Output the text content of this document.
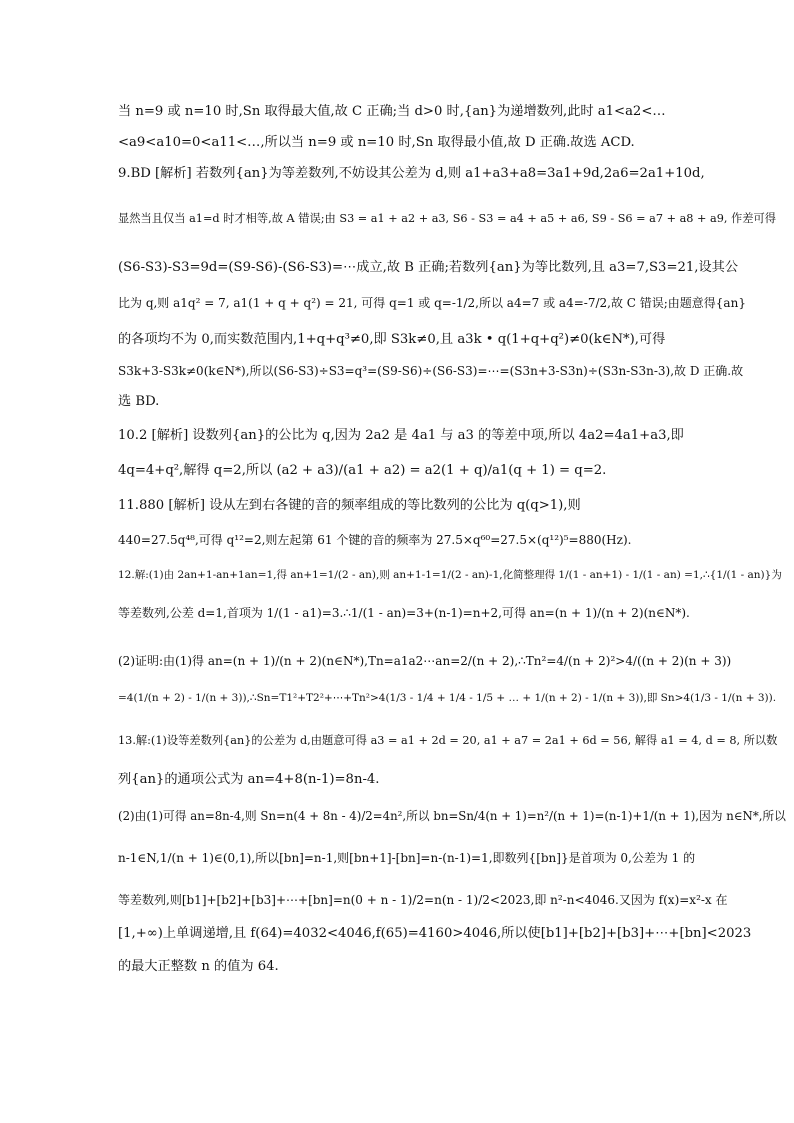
当 n=9 或 n=10 时,Sn 取得最大值,故 C 正确;当 d>0 时,{an}为递增数列,此时 a1<a2<…
<a9<a10=0<a11<…,所以当 n=9 或 n=10 时,Sn 取得最小值,故 D 正确.故选 ACD.
9.BD [解析] 若数列{an}为等差数列,不妨设其公差为 d,则 a1+a3+a8=3a1+9d,2a6=2a1+10d,
显然当且仅当 a1=d 时才相等,故 A 错误;由 S3 = a1 + a2 + a3, S6 - S3 = a4 + a5 + a6, S9 - S6 = a7 + a8 + a9, 作差可得
(S6-S3)-S3=9d=(S9-S6)-(S6-S3)=⋯成立,故 B 正确;若数列{an}为等比数列,且 a3=7,S3=21,设其公
比为 q,则 a1q² = 7, a1(1 + q + q²) = 21, 可得 q=1 或 q=-1/2,所以 a4=7 或 a4=-7/2,故 C 错误;由题意得{an}
的各项均不为 0,而实数范围内,1+q+q³≠0,即 S3k≠0,且 a3k • q(1+q+q²)≠0(k∈N*),可得
S3k+3-S3k≠0(k∈N*),所以(S6-S3)÷S3=q³=(S9-S6)÷(S6-S3)=⋯=(S3n+3-S3n)÷(S3n-S3n-3),故 D 正确.故
选 BD.
10.2 [解析] 设数列{an}的公比为 q,因为 2a2 是 4a1 与 a3 的等差中项,所以 4a2=4a1+a3,即
4q=4+q²,解得 q=2,所以 (a2 + a3)/(a1 + a2) = a2(1 + q)/a1(q + 1) = q=2.
11.880 [解析] 设从左到右各键的音的频率组成的等比数列的公比为 q(q>1),则
440=27.5q⁴⁸,可得 q¹²=2,则左起第 61 个键的音的频率为 27.5×q⁶⁰=27.5×(q¹²)⁵=880(Hz).
12.解:(1)由 2an+1-an+1an=1,得 an+1=1/(2 - an),则 an+1-1=1/(2 - an)-1,化简整理得 1/(1 - an+1) - 1/(1 - an) =1,∴{1/(1 - an)}为
等差数列,公差 d=1,首项为 1/(1 - a1)=3.∴1/(1 - an)=3+(n-1)=n+2,可得 an=(n + 1)/(n + 2)(n∈N*).
(2)证明:由(1)得 an=(n + 1)/(n + 2)(n∈N*),Tn=a1a2⋯an=2/(n + 2),∴Tn²=4/(n + 2)²>4/((n + 2)(n + 3))
=4(1/(n + 2) - 1/(n + 3)),∴Sn=T1²+T2²+⋯+Tn²>4(1/3 - 1/4 + 1/4 - 1/5 + … + 1/(n + 2) - 1/(n + 3)),即 Sn>4(1/3 - 1/(n + 3)).
13.解:(1)设等差数列{an}的公差为 d,由题意可得 a3 = a1 + 2d = 20, a1 + a7 = 2a1 + 6d = 56, 解得 a1 = 4, d = 8, 所以数
列{an}的通项公式为 an=4+8(n-1)=8n-4.
(2)由(1)可得 an=8n-4,则 Sn=n(4 + 8n - 4)/2=4n²,所以 bn=Sn/4(n + 1)=n²/(n + 1)=(n-1)+1/(n + 1),因为 n∈N*,所以
n-1∈N,1/(n + 1)∈(0,1),所以[bn]=n-1,则[bn+1]-[bn]=n-(n-1)=1,即数列{[bn]}是首项为 0,公差为 1 的
等差数列,则[b1]+[b2]+[b3]+⋯+[bn]=n(0 + n - 1)/2=n(n - 1)/2<2023,即 n²-n<4046.又因为 f(x)=x²-x 在
[1,+∞)上单调递增,且 f(64)=4032<4046,f(65)=4160>4046,所以使[b1]+[b2]+[b3]+⋯+[bn]<2023
的最大正整数 n 的值为 64.
